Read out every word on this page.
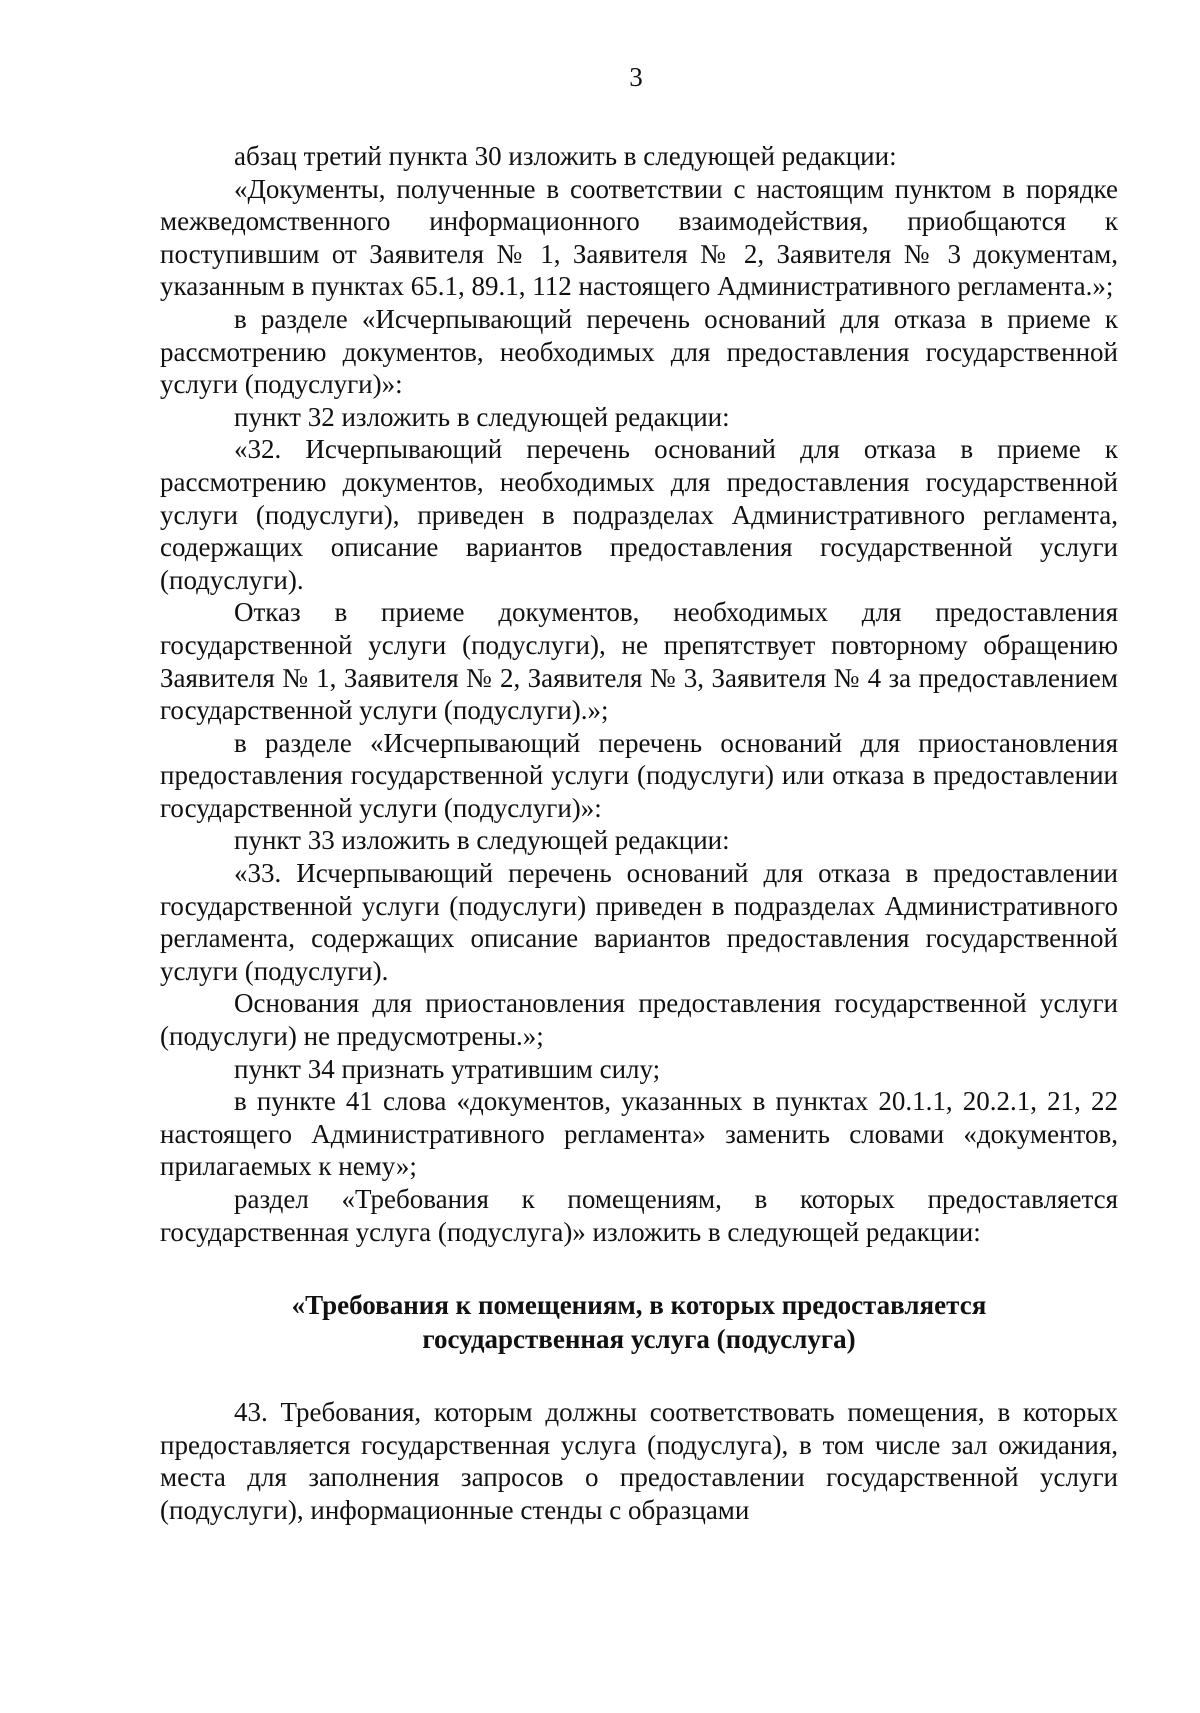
3

абзац третий пункта 30 изложить в следующей редакции:

«Документы, полученные в соответствии с настоящим пунктом в порядке межведомственного информационного взаимодействия, приобщаются к поступившим от Заявителя № 1, Заявителя № 2, Заявителя № 3 документам, указанным в пунктах 65.1, 89.1, 112 настоящего Административного регламента.»;

в разделе «Исчерпывающий перечень оснований для отказа в приеме к рассмотрению документов, необходимых для предоставления государственной услуги (подуслуги)»:

пункт 32 изложить в следующей редакции:

«32. Исчерпывающий перечень оснований для отказа в приеме к рассмотрению документов, необходимых для предоставления государственной услуги (подуслуги), приведен в подразделах Административного регламента, содержащих описание вариантов предоставления государственной услуги (подуслуги).

Отказ в приеме документов, необходимых для предоставления государственной услуги (подуслуги), не препятствует повторному обращению Заявителя № 1, Заявителя № 2, Заявителя № 3, Заявителя № 4 за предоставлением государственной услуги (подуслуги).»;

в разделе «Исчерпывающий перечень оснований для приостановления предоставления государственной услуги (подуслуги) или отказа в предоставлении государственной услуги (подуслуги)»:

пункт 33 изложить в следующей редакции:

«33. Исчерпывающий перечень оснований для отказа в предоставлении государственной услуги (подуслуги) приведен в подразделах Административного регламента, содержащих описание вариантов предоставления государственной услуги (подуслуги).

Основания для приостановления предоставления государственной услуги (подуслуги) не предусмотрены.»;

пункт 34 признать утратившим силу;

в пункте 41 слова «документов, указанных в пунктах 20.1.1, 20.2.1, 21, 22 настоящего Административного регламента» заменить словами «документов, прилагаемых к нему»;

раздел «Требования к помещениям, в которых предоставляется государственная услуга (подуслуга)» изложить в следующей редакции:

«Требования к помещениям, в которых предоставляется
государственная услуга (подуслуга)

43. Требования, которым должны соответствовать помещения, в которых предоставляется государственная услуга (подуслуга), в том числе зал ожидания, места для заполнения запросов о предоставлении государственной услуги (подуслуги), информационные стенды с образцами
